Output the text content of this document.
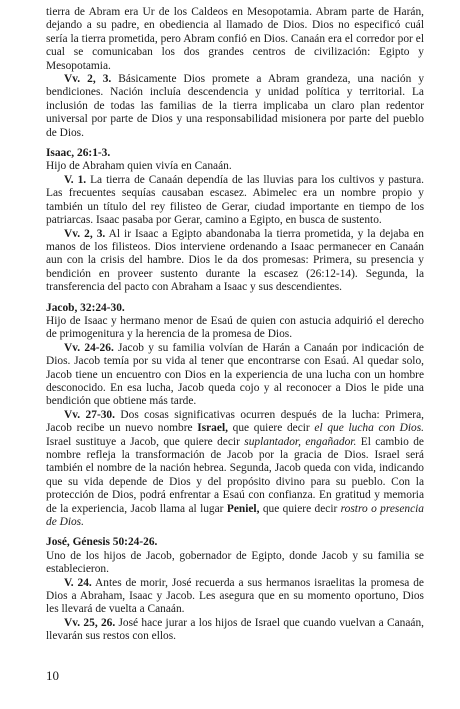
tierra de Abram era Ur de los Caldeos en Mesopotamia. Abram parte de Harán, dejando a su padre, en obediencia al llamado de Dios. Dios no especificó cuál sería la tierra prometida, pero Abram confió en Dios. Canaán era el corredor por el cual se comunicaban los dos grandes centros de civilización: Egipto y Mesopotamia.

Vv. 2, 3. Básicamente Dios promete a Abram grandeza, una nación y bendiciones. Nación incluía descendencia y unidad política y territorial. La inclusión de todas las familias de la tierra implicaba un claro plan redentor universal por parte de Dios y una responsabilidad misionera por parte del pueblo de Dios.

Isaac, 26:1-3.

Hijo de Abraham quien vivía en Canaán.

V. 1. La tierra de Canaán dependía de las lluvias para los cultivos y pastura. Las frecuentes sequías causaban escasez. Abimelec era un nombre propio y también un título del rey filisteo de Gerar, ciudad importante en tiempo de los patriarcas. Isaac pasaba por Gerar, camino a Egipto, en busca de sustento.

Vv. 2, 3. Al ir Isaac a Egipto abandonaba la tierra prometida, y la dejaba en manos de los filisteos. Dios interviene ordenando a Isaac permanecer en Canaán aun con la crisis del hambre. Dios le da dos promesas: Primera, su presencia y bendición en proveer sustento durante la escasez (26:12-14). Segunda, la transferencia del pacto con Abraham a Isaac y sus descendientes.

Jacob, 32:24-30.

Hijo de Isaac y hermano menor de Esaú de quien con astucia adquirió el derecho de primogenitura y la herencia de la promesa de Dios.

Vv. 24-26. Jacob y su familia volvían de Harán a Canaán por indicación de Dios. Jacob temía por su vida al tener que encontrarse con Esaú. Al quedar solo, Jacob tiene un encuentro con Dios en la experiencia de una lucha con un hombre desconocido. En esa lucha, Jacob queda cojo y al reconocer a Dios le pide una bendición que obtiene más tarde.

Vv. 27-30. Dos cosas significativas ocurren después de la lucha: Primera, Jacob recibe un nuevo nombre Israel, que quiere decir el que lucha con Dios. Israel sustituye a Jacob, que quiere decir suplantador, engañador. El cambio de nombre refleja la transformación de Jacob por la gracia de Dios. Israel será también el nombre de la nación hebrea. Segunda, Jacob queda con vida, indicando que su vida depende de Dios y del propósito divino para su pueblo. Con la protección de Dios, podrá enfrentar a Esaú con confianza. En gratitud y memoria de la experiencia, Jacob llama al lugar Peniel, que quiere decir rostro o presencia de Dios.

José, Génesis 50:24-26.

Uno de los hijos de Jacob, gobernador de Egipto, donde Jacob y su familia se establecieron.

V. 24. Antes de morir, José recuerda a sus hermanos israelitas la promesa de Dios a Abraham, Isaac y Jacob. Les asegura que en su momento oportuno, Dios les llevará de vuelta a Canaán.

Vv. 25, 26. José hace jurar a los hijos de Israel que cuando vuelvan a Canaán, llevarán sus restos con ellos.

10
